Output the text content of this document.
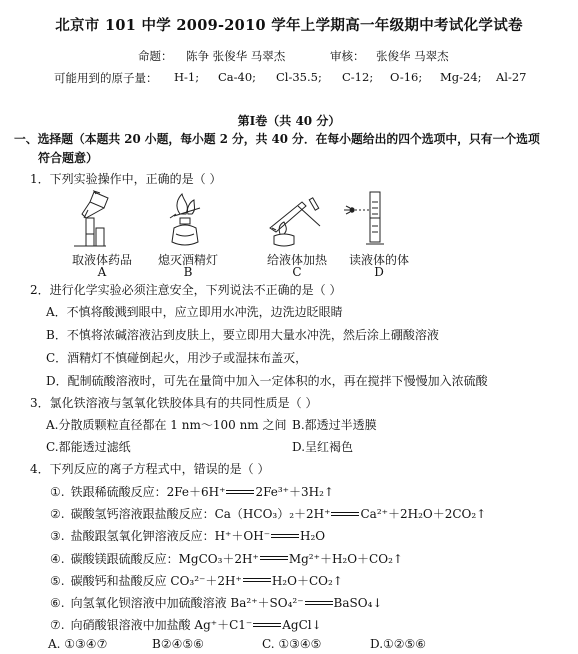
北京市 101 中学 2009-2010 学年上学期高一年级期中考试化学试卷
命题： 陈争 张俊华 马翠杰	审核： 张俊华 马翠杰
可能用到的原子量： H-1; Ca-40; Cl-35.5; C-12; O-16; Mg-24; Al-27
第Ⅰ卷（共 40 分）
一、选择题（本题共 20 小题，每小题 2 分，共 40 分．在每小题给出的四个选项中，只有一个选项
符合题意）
1．下列实验操作中，正确的是（ ）
取液体药品	熄灭酒精灯	给液体加热	读液体的体
A	B	C	D
2．进行化学实验必须注意安全，下列说法不正确的是（ ）
A．不慎将酸溅到眼中，应立即用水冲洗，边洗边眨眼睛
B．不慎将浓碱溶液沾到皮肤上，要立即用大量水冲洗，然后涂上硼酸溶液
C．酒精灯不慎碰倒起火，用沙子或湿抹布盖灭，
D．配制硫酸溶液时，可先在量筒中加入一定体积的水，再在搅拌下慢慢加入浓硫酸
3．氯化铁溶液与氢氧化铁胶体具有的共同性质是（ ）
A.分散质颗粒直径都在 1 nm～100 nm 之间 B.都透过半透膜
C.都能透过滤纸	D.呈红褐色
4．下列反应的离子方程式中，错误的是（ ）
①. 铁跟稀硫酸反应：2Fe＋6H⁺	2Fe³⁺＋3H₂↑
②. 碳酸氢钙溶液跟盐酸反应：Ca（HCO₃）₂＋2H⁺	Ca²⁺＋2H₂O＋2CO₂↑
③. 盐酸跟氢氧化钾溶液反应：H⁺＋OH⁻	H₂O
④. 碳酸镁跟硫酸反应：MgCO₃＋2H⁺	Mg²⁺＋H₂O＋CO₂↑
⑤. 碳酸钙和盐酸反应 CO₃²⁻＋2H⁺	H₂O＋CO₂↑
⑥. 向氢氧化钡溶液中加硫酸溶液 Ba²⁺＋SO₄²⁻	BaSO₄↓
⑦. 向硝酸银溶液中加盐酸 Ag⁺＋C1⁻	AgCl↓
A. ①③④⑦	B②④⑤⑥	C. ①③④⑤	D.①②⑤⑥
